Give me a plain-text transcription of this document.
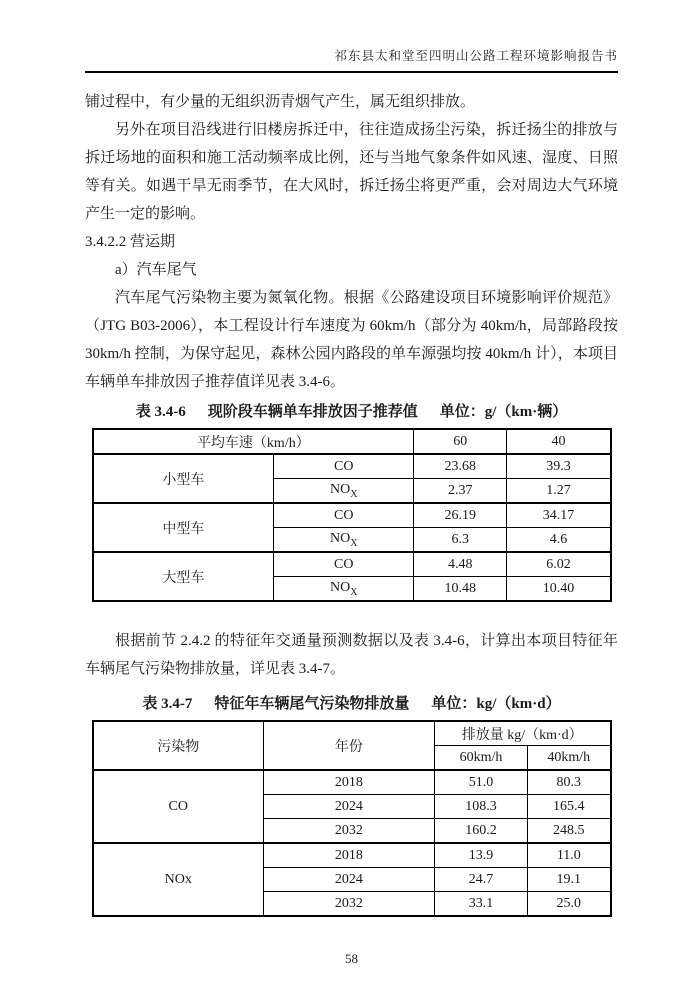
祁东县太和堂至四明山公路工程环境影响报告书

铺过程中，有少量的无组织沥青烟气产生，属无组织排放。

另外在项目沿线进行旧楼房拆迁中，往往造成扬尘污染，拆迁扬尘的排放与拆迁场地的面积和施工活动频率成比例，还与当地气象条件如风速、湿度、日照等有关。如遇干旱无雨季节，在大风时，拆迁扬尘将更严重，会对周边大气环境产生一定的影响。

3.4.2.2 营运期

a）汽车尾气

汽车尾气污染物主要为氮氧化物。根据《公路建设项目环境影响评价规范》（JTG B03-2006），本工程设计行车速度为 60km/h（部分为 40km/h，局部路段按 30km/h 控制，为保守起见，森林公园内路段的单车源强均按 40km/h 计），本项目车辆单车排放因子推荐值详见表 3.4-6。

表 3.4-6 现阶段车辆单车排放因子推荐值 单位：g/（km·辆）
平均车速（km/h）		60	40
小型车	CO	23.68	39.3
	$NO_X$	2.37	1.27
中型车	CO	26.19	34.17
	$NO_X$	6.3	4.6
大型车	CO	4.48	6.02
	$NO_X$	10.48	10.40

根据前节 2.4.2 的特征年交通量预测数据以及表 3.4-6，计算出本项目特征年车辆尾气污染物排放量，详见表 3.4-7。

表 3.4-7 特征年车辆尾气污染物排放量 单位：kg/（km·d）
污染物	年份	排放量 kg/（km·d）	
		60km/h	40km/h
CO	2018	51.0	80.3
	2024	108.3	165.4
	2032	160.2	248.5
NOx	2018	13.9	11.0
	2024	24.7	19.1
	2032	33.1	25.0
58
